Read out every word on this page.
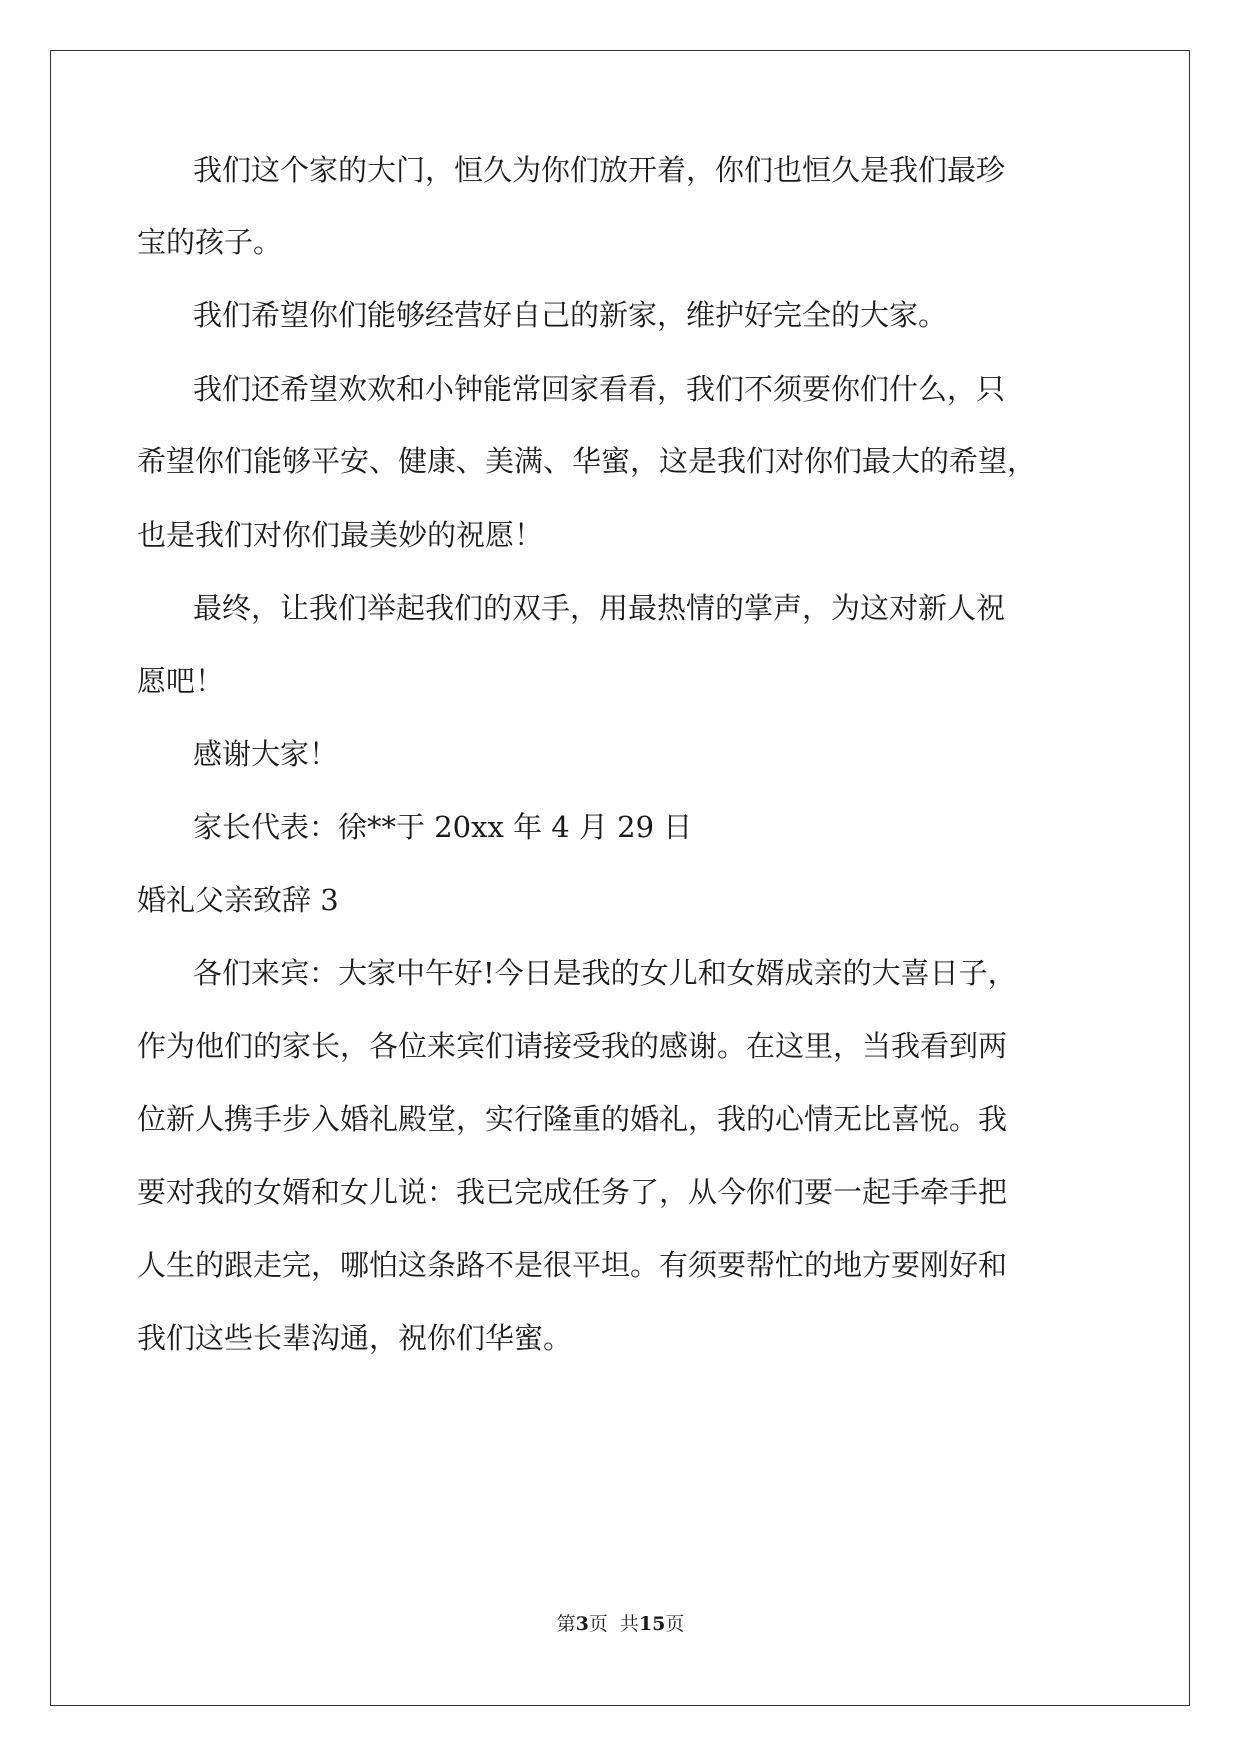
我们这个家的大门，恒久为你们放开着，你们也恒久是我们最珍
宝的孩子。
我们希望你们能够经营好自己的新家，维护好完全的大家。
我们还希望欢欢和小钟能常回家看看，我们不须要你们什么，只
希望你们能够平安、健康、美满、华蜜，这是我们对你们最大的希望，
也是我们对你们最美妙的祝愿！
最终，让我们举起我们的双手，用最热情的掌声，为这对新人祝
愿吧！
感谢大家！
家长代表：徐**于 20xx 年 4 月 29 日
婚礼父亲致辞 3
各们来宾：大家中午好!今日是我的女儿和女婿成亲的大喜日子，
作为他们的家长，各位来宾们请接受我的感谢。在这里，当我看到两
位新人携手步入婚礼殿堂，实行隆重的婚礼，我的心情无比喜悦。我
要对我的女婿和女儿说：我已完成任务了，从今你们要一起手牵手把
人生的跟走完，哪怕这条路不是很平坦。有须要帮忙的地方要刚好和
我们这些长辈沟通，祝你们华蜜。
第3页  共15页
